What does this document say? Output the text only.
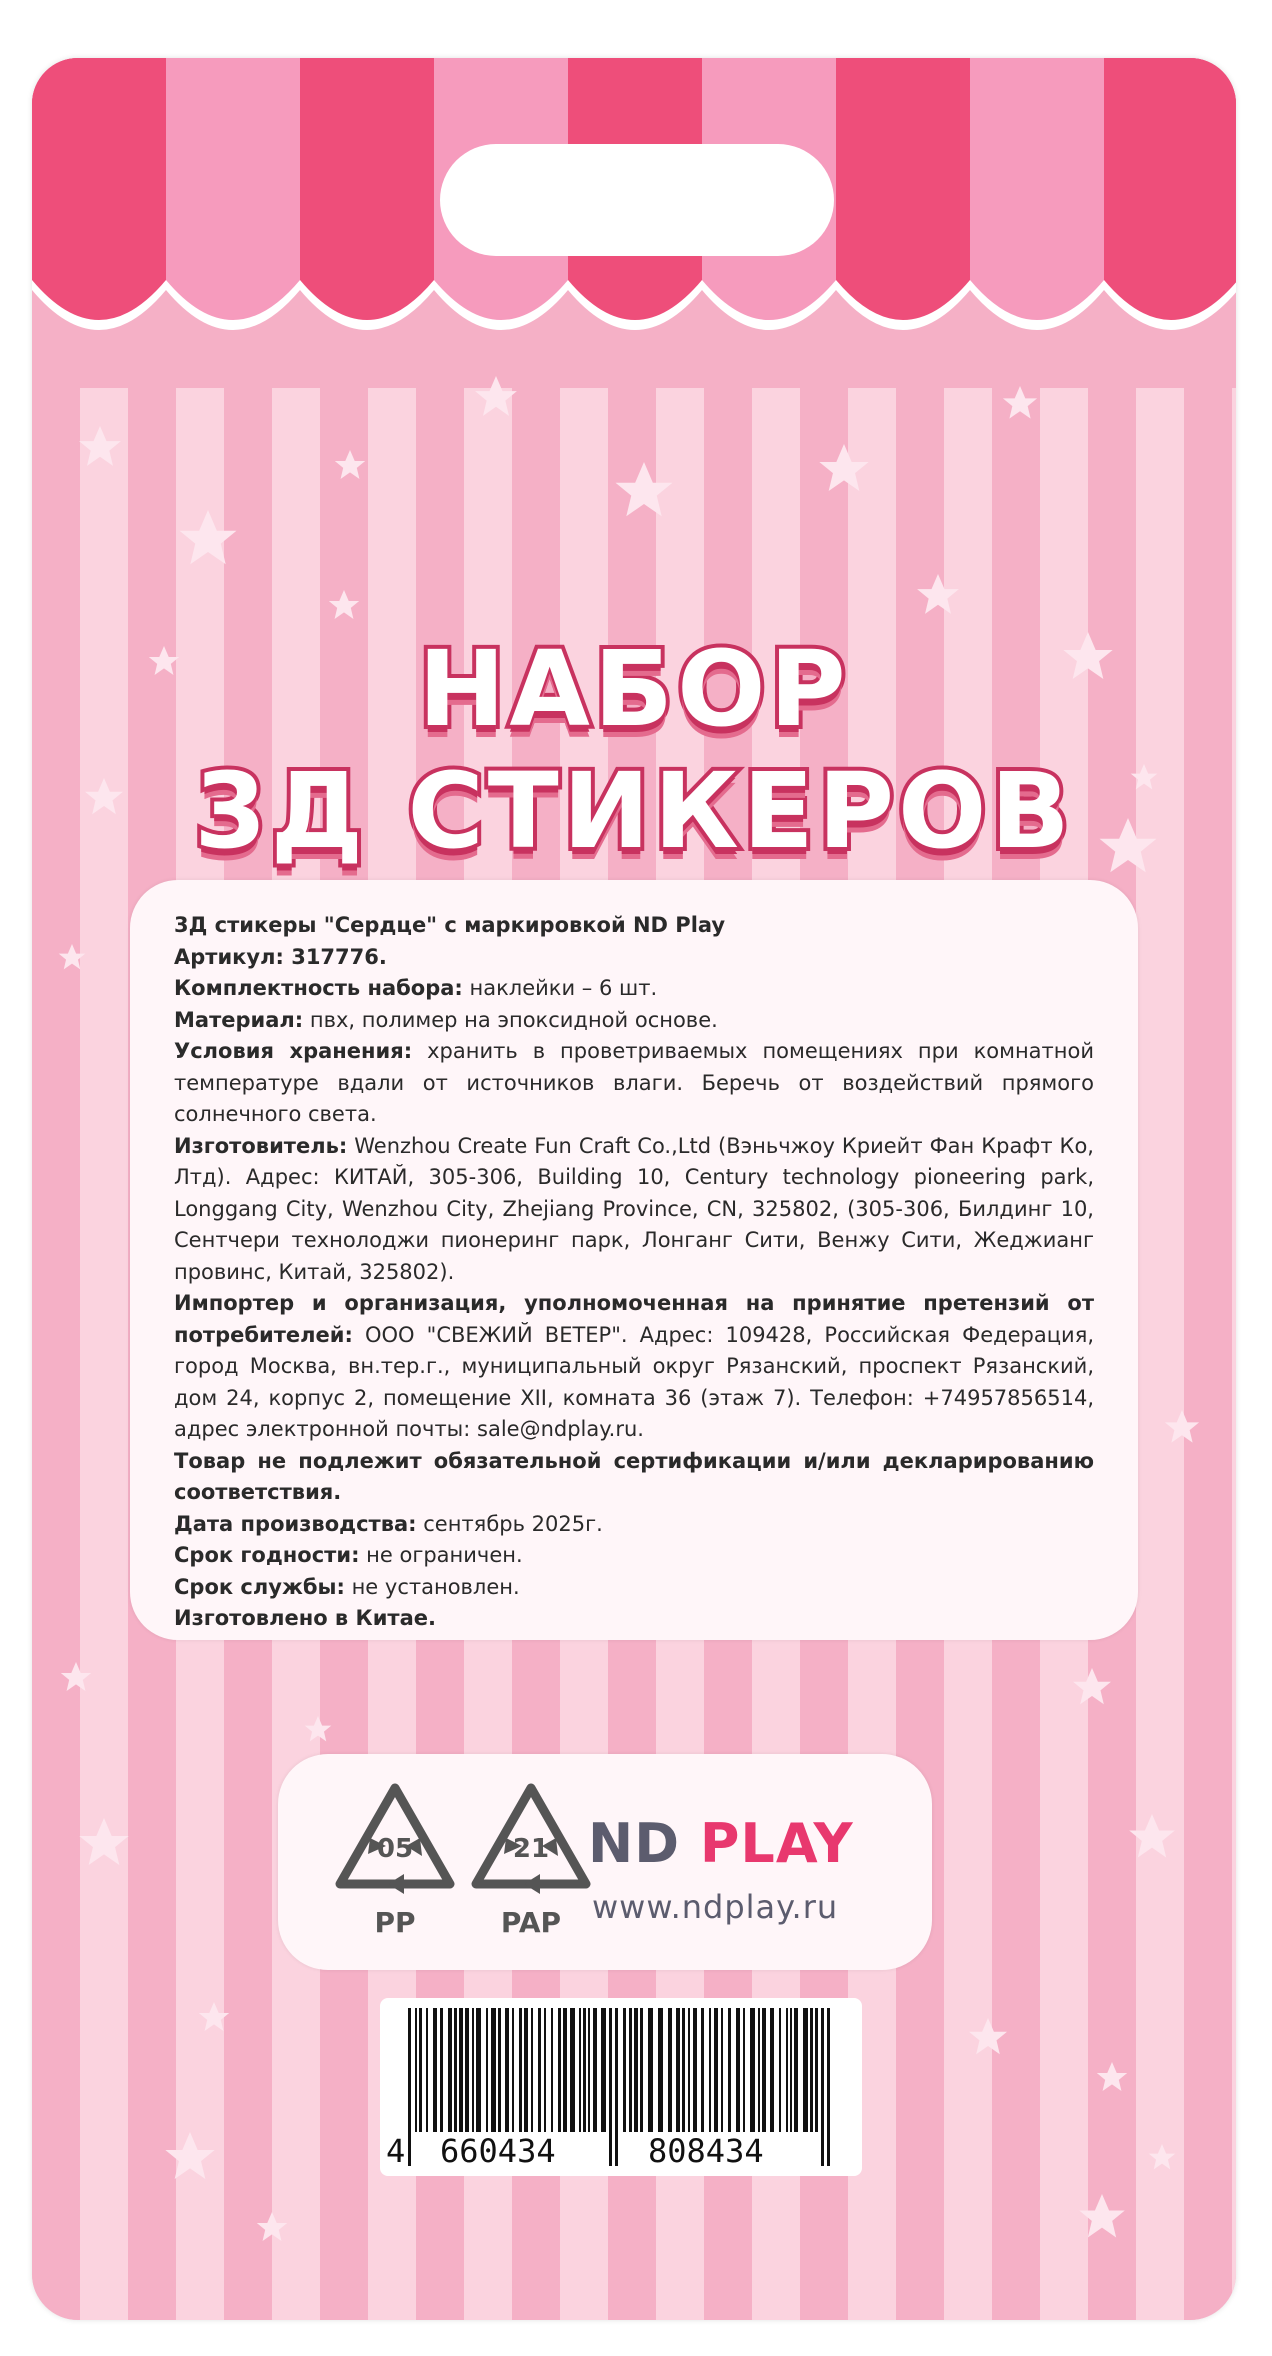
НАБОР
3Д СТИКЕРОВ

3Д стикеры "Сердце" с маркировкой ND Play

Артикул: 317776.

Комплектность набора: наклейки – 6 шт.

Материал: пвх, полимер на эпоксидной основе.

Условия хранения: хранить в проветриваемых помещениях при комнатной температуре вдали от источников влаги. Беречь от воздействий прямого солнечного света.

Изготовитель: Wenzhou Create Fun Craft Co.,Ltd (Вэньчжоу Криейт Фан Крафт Ко, Лтд). Адрес: КИТАЙ, 305-306, Building 10, Century technology pioneering park, Longgang City, Wenzhou City, Zhejiang Province, CN, 325802, (305-306, Билдинг 10, Сентчери технолоджи пионеринг парк, Лонганг Сити, Венжу Сити, Жеджианг провинс, Китай, 325802).

Импортер и организация, уполномоченная на принятие претензий от потребителей: ООО "СВЕЖИЙ ВЕТЕР". Адрес: 109428, Российская Федерация, город Москва, вн.тер.г., муниципальный округ Рязанский, проспект Рязанский, дом 24, корпус 2, помещение XII, комната 36 (этаж 7). Телефон: +74957856514, адрес электронной почты: sale@ndplay.ru.

Товар не подлежит обязательной сертификации и/или декларированию соответствия.

Дата производства: сентябрь 2025г.

Срок годности: не ограничен.

Срок службы: не установлен.

Изготовлено в Китае.

05
PP
21
PAP
ND PLAY
www.ndplay.ru
4 660434	808434
